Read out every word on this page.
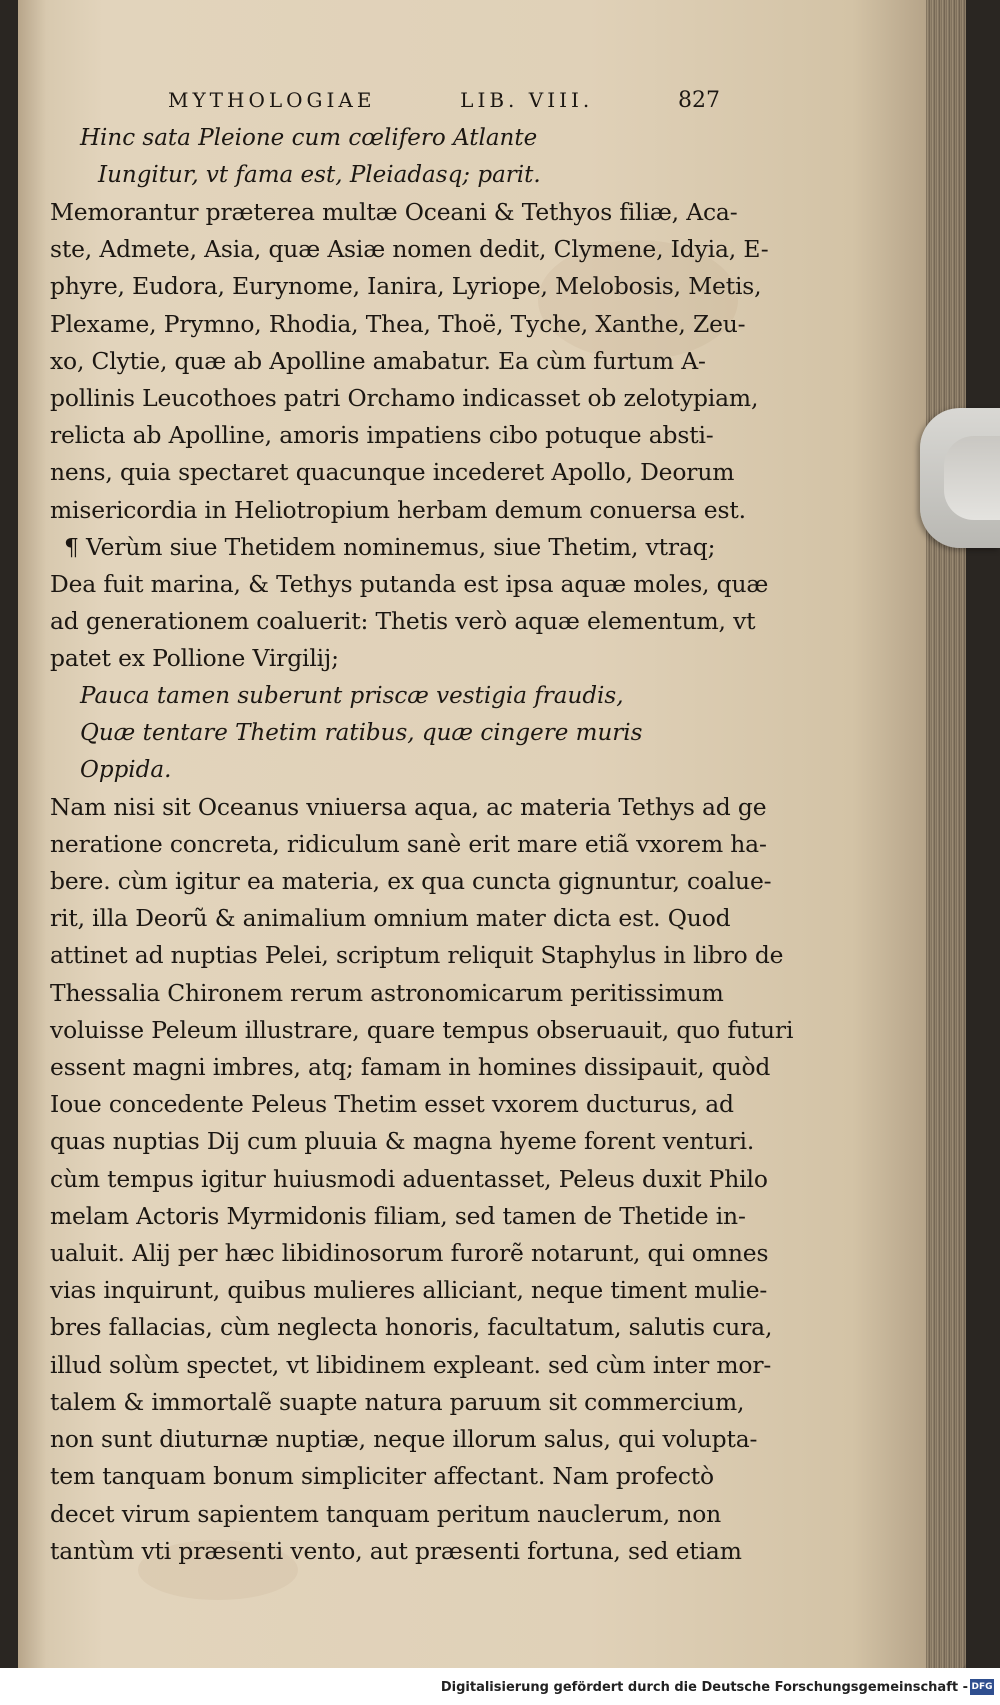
MYTHOLOGIAE	LIB. VIII.	827
Hinc sata Pleione cum cœlifero Atlante
Iungitur, vt fama est, Pleiadasq; parit.
Memorantur præterea multæ Oceani & Tethyos filiæ, Aca-
ste, Admete, Asia, quæ Asiæ nomen dedit, Clymene, Idyia, E-
phyre, Eudora, Eurynome, Ianira, Lyriope, Melobosis, Metis,
Plexame, Prymno, Rhodia, Thea, Thoë, Tyche, Xanthe, Zeu-
xo, Clytie, quæ ab Apolline amabatur. Ea cùm furtum A-
pollinis Leucothoes patri Orchamo indicasset ob zelotypiam,
relicta ab Apolline, amoris impatiens cibo potuque absti-
nens, quia spectaret quacunque incederet Apollo, Deorum
misericordia in Heliotropium herbam demum conuersa est.
¶ Verùm siue Thetidem nominemus, siue Thetim, vtraq;
Dea fuit marina, & Tethys putanda est ipsa aquæ moles, quæ
ad generationem coaluerit: Thetis verò aquæ elementum, vt
patet ex Pollione Virgilij;
Pauca tamen suberunt priscæ vestigia fraudis,
Quæ tentare Thetim ratibus, quæ cingere muris
Oppida.
Nam nisi sit Oceanus vniuersa aqua, ac materia Tethys ad ge
neratione concreta, ridiculum sanè erit mare etiã vxorem ha-
bere. cùm igitur ea materia, ex qua cuncta gignuntur, coalue-
rit, illa Deorũ & animalium omnium mater dicta est. Quod
attinet ad nuptias Pelei, scriptum reliquit Staphylus in libro de
Thessalia Chironem rerum astronomicarum peritissimum
voluisse Peleum illustrare, quare tempus obseruauit, quo futuri
essent magni imbres, atq; famam in homines dissipauit, quòd
Ioue concedente Peleus Thetim esset vxorem ducturus, ad
quas nuptias Dij cum pluuia & magna hyeme forent venturi.
cùm tempus igitur huiusmodi aduentasset, Peleus duxit Philo
melam Actoris Myrmidonis filiam, sed tamen de Thetide in-
ualuit. Alij per hæc libidinosorum furorẽ notarunt, qui omnes
vias inquirunt, quibus mulieres alliciant, neque timent mulie-
bres fallacias, cùm neglecta honoris, facultatum, salutis cura,
illud solùm spectet, vt libidinem expleant. sed cùm inter mor-
talem & immortalẽ suapte natura paruum sit commercium,
non sunt diuturnæ nuptiæ, neque illorum salus, qui volupta-
tem tanquam bonum simpliciter affectant. Nam profectò
decet virum sapientem tanquam peritum nauclerum, non
tantùm vti præsenti vento, aut præsenti fortuna, sed etiam
Digitalisierung gefördert durch die Deutsche Forschungsgemeinschaft - DFG
